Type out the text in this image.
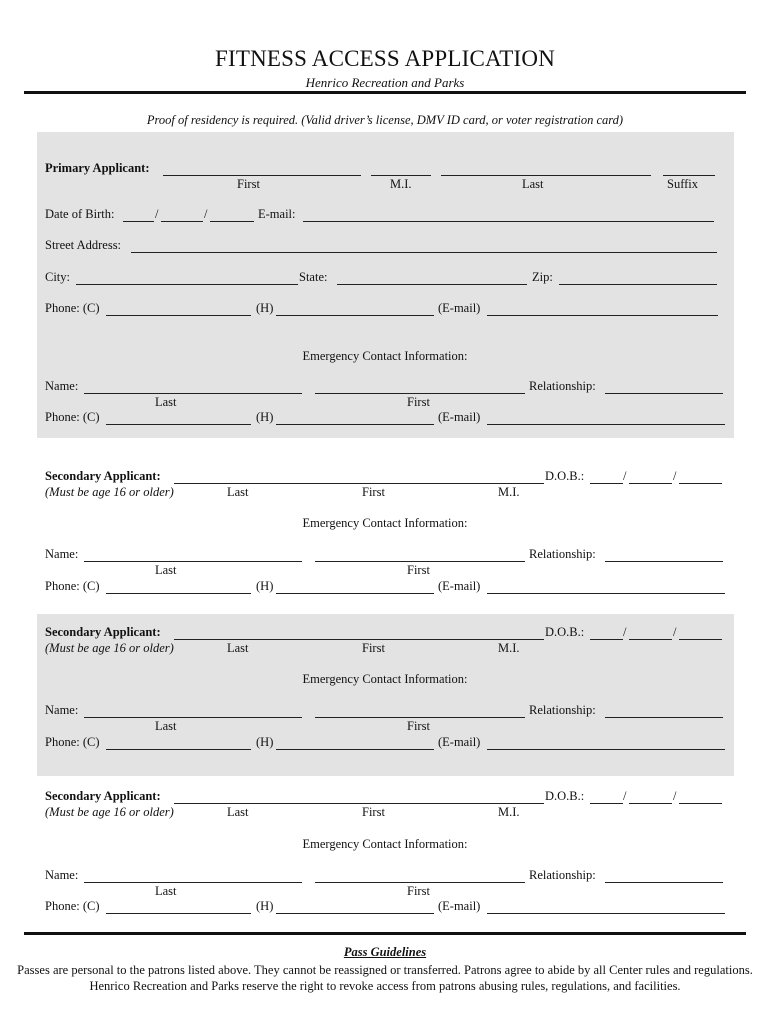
FITNESS ACCESS APPLICATION
Henrico Recreation and Parks
Proof of residency is required. (Valid driver’s license, DMV ID card, or voter registration card)
Primary Applicant:
First	M.I.	Last	Suffix
Date of Birth:	/	/	E-mail:
Street Address:
City:	State:	Zip:
Phone: (C)	(H)	(E-mail)
Emergency Contact Information:
Name:	Relationship:
Last	First
Phone: (C)	(H)	(E-mail)
Secondary Applicant:	D.O.B.:	/	/
(Must be age 16 or older)	Last	First	M.I.
Emergency Contact Information:
Name:	Relationship:
Last	First
Phone: (C)	(H)	(E-mail)
Secondary Applicant:	D.O.B.:	/	/
(Must be age 16 or older)	Last	First	M.I.
Emergency Contact Information:
Name:	Relationship:
Last	First
Phone: (C)	(H)	(E-mail)
Secondary Applicant:	D.O.B.:	/	/
(Must be age 16 or older)	Last	First	M.I.
Emergency Contact Information:
Name:	Relationship:
Last	First
Phone: (C)	(H)	(E-mail)
Pass Guidelines
Passes are personal to the patrons listed above. They cannot be reassigned or transferred. Patrons agree to abide by all Center rules and regulations. Henrico Recreation and Parks reserve the right to revoke access from patrons abusing rules, regulations, and facilities.
